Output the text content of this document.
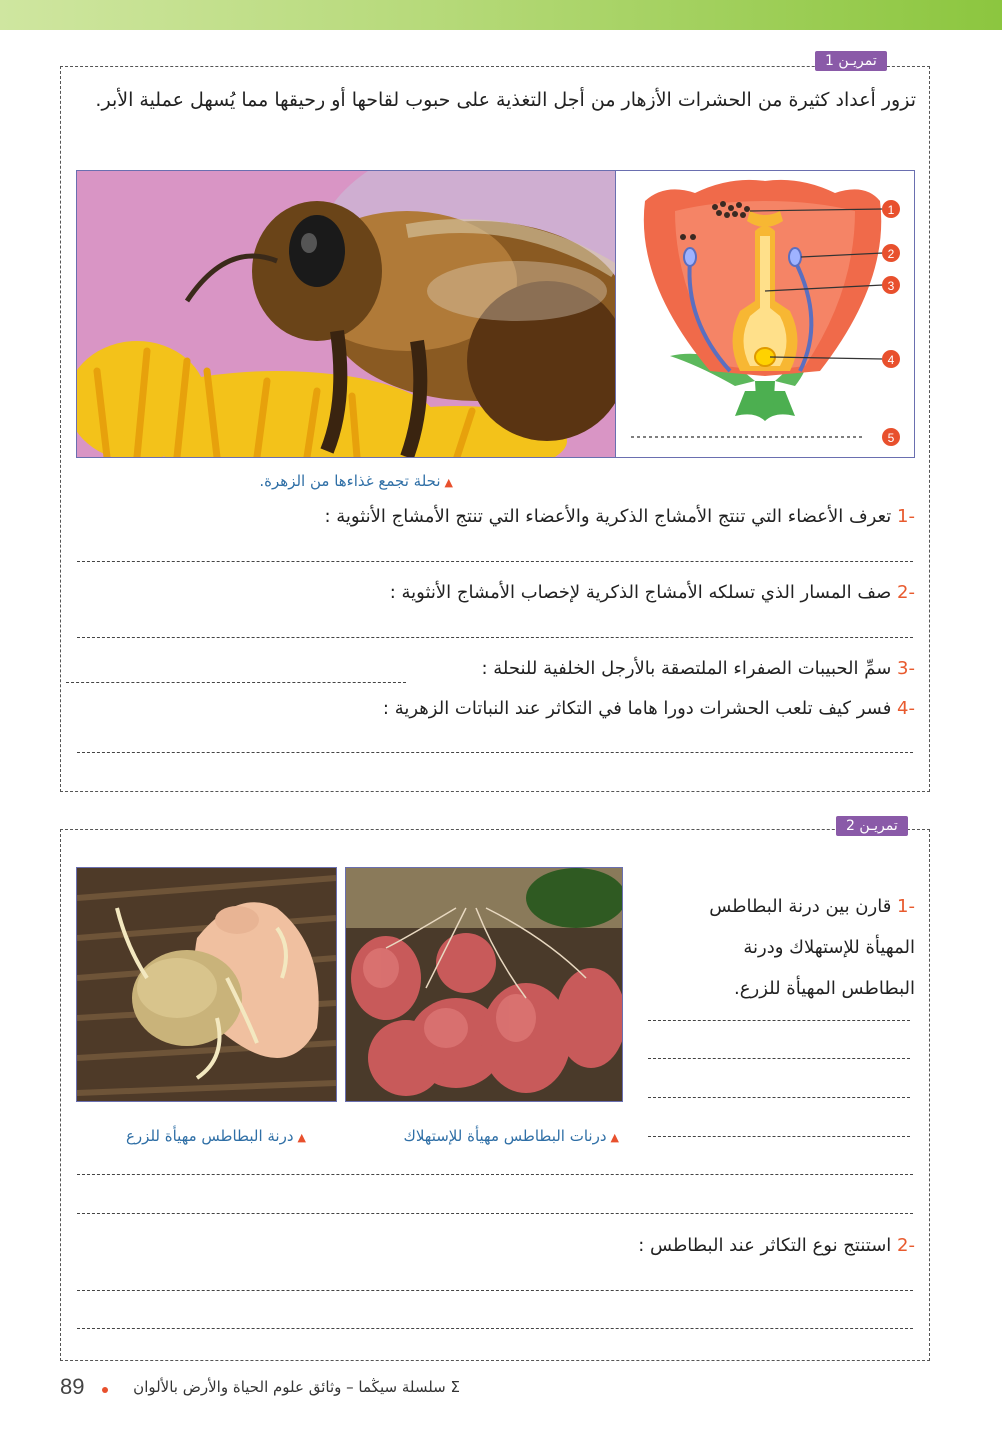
تمريـن 1
تزور أعداد كثيرة من الحشرات الأزهار من أجل التغذية على حبوب لقاحها أو رحيقها مما يُسهل عملية الأبر.
1
2
3
4
5
▲نحلة تجمع غذاءها من الزهرة.
-1 تعرف الأعضاء التي تنتج الأمشاج الذكرية والأعضاء التي تنتج الأمشاج الأنثوية :
-2 صف المسار الذي تسلكه الأمشاج الذكرية لإخصاب الأمشاج الأنثوية :
-3 سمِّ الحبيبات الصفراء الملتصقة بالأرجل الخلفية للنحلة :
-4 فسر كيف تلعب الحشرات دورا هاما في التكاثر عند النباتات الزهرية :
تمريـن 2
▲درنة البطاطس مهيأة للزرع	▲درنات البطاطس مهيأة للإستهلاك
-1 قارن بين درنة البطاطس
المهيأة للإستهلاك ودرنة
البطاطس المهيأة للزرع.
-2 استنتج نوع التكاثر عند البطاطس :
89	Σ سلسلة سيڭما – وثائق علوم الحياة والأرض بالألوان
